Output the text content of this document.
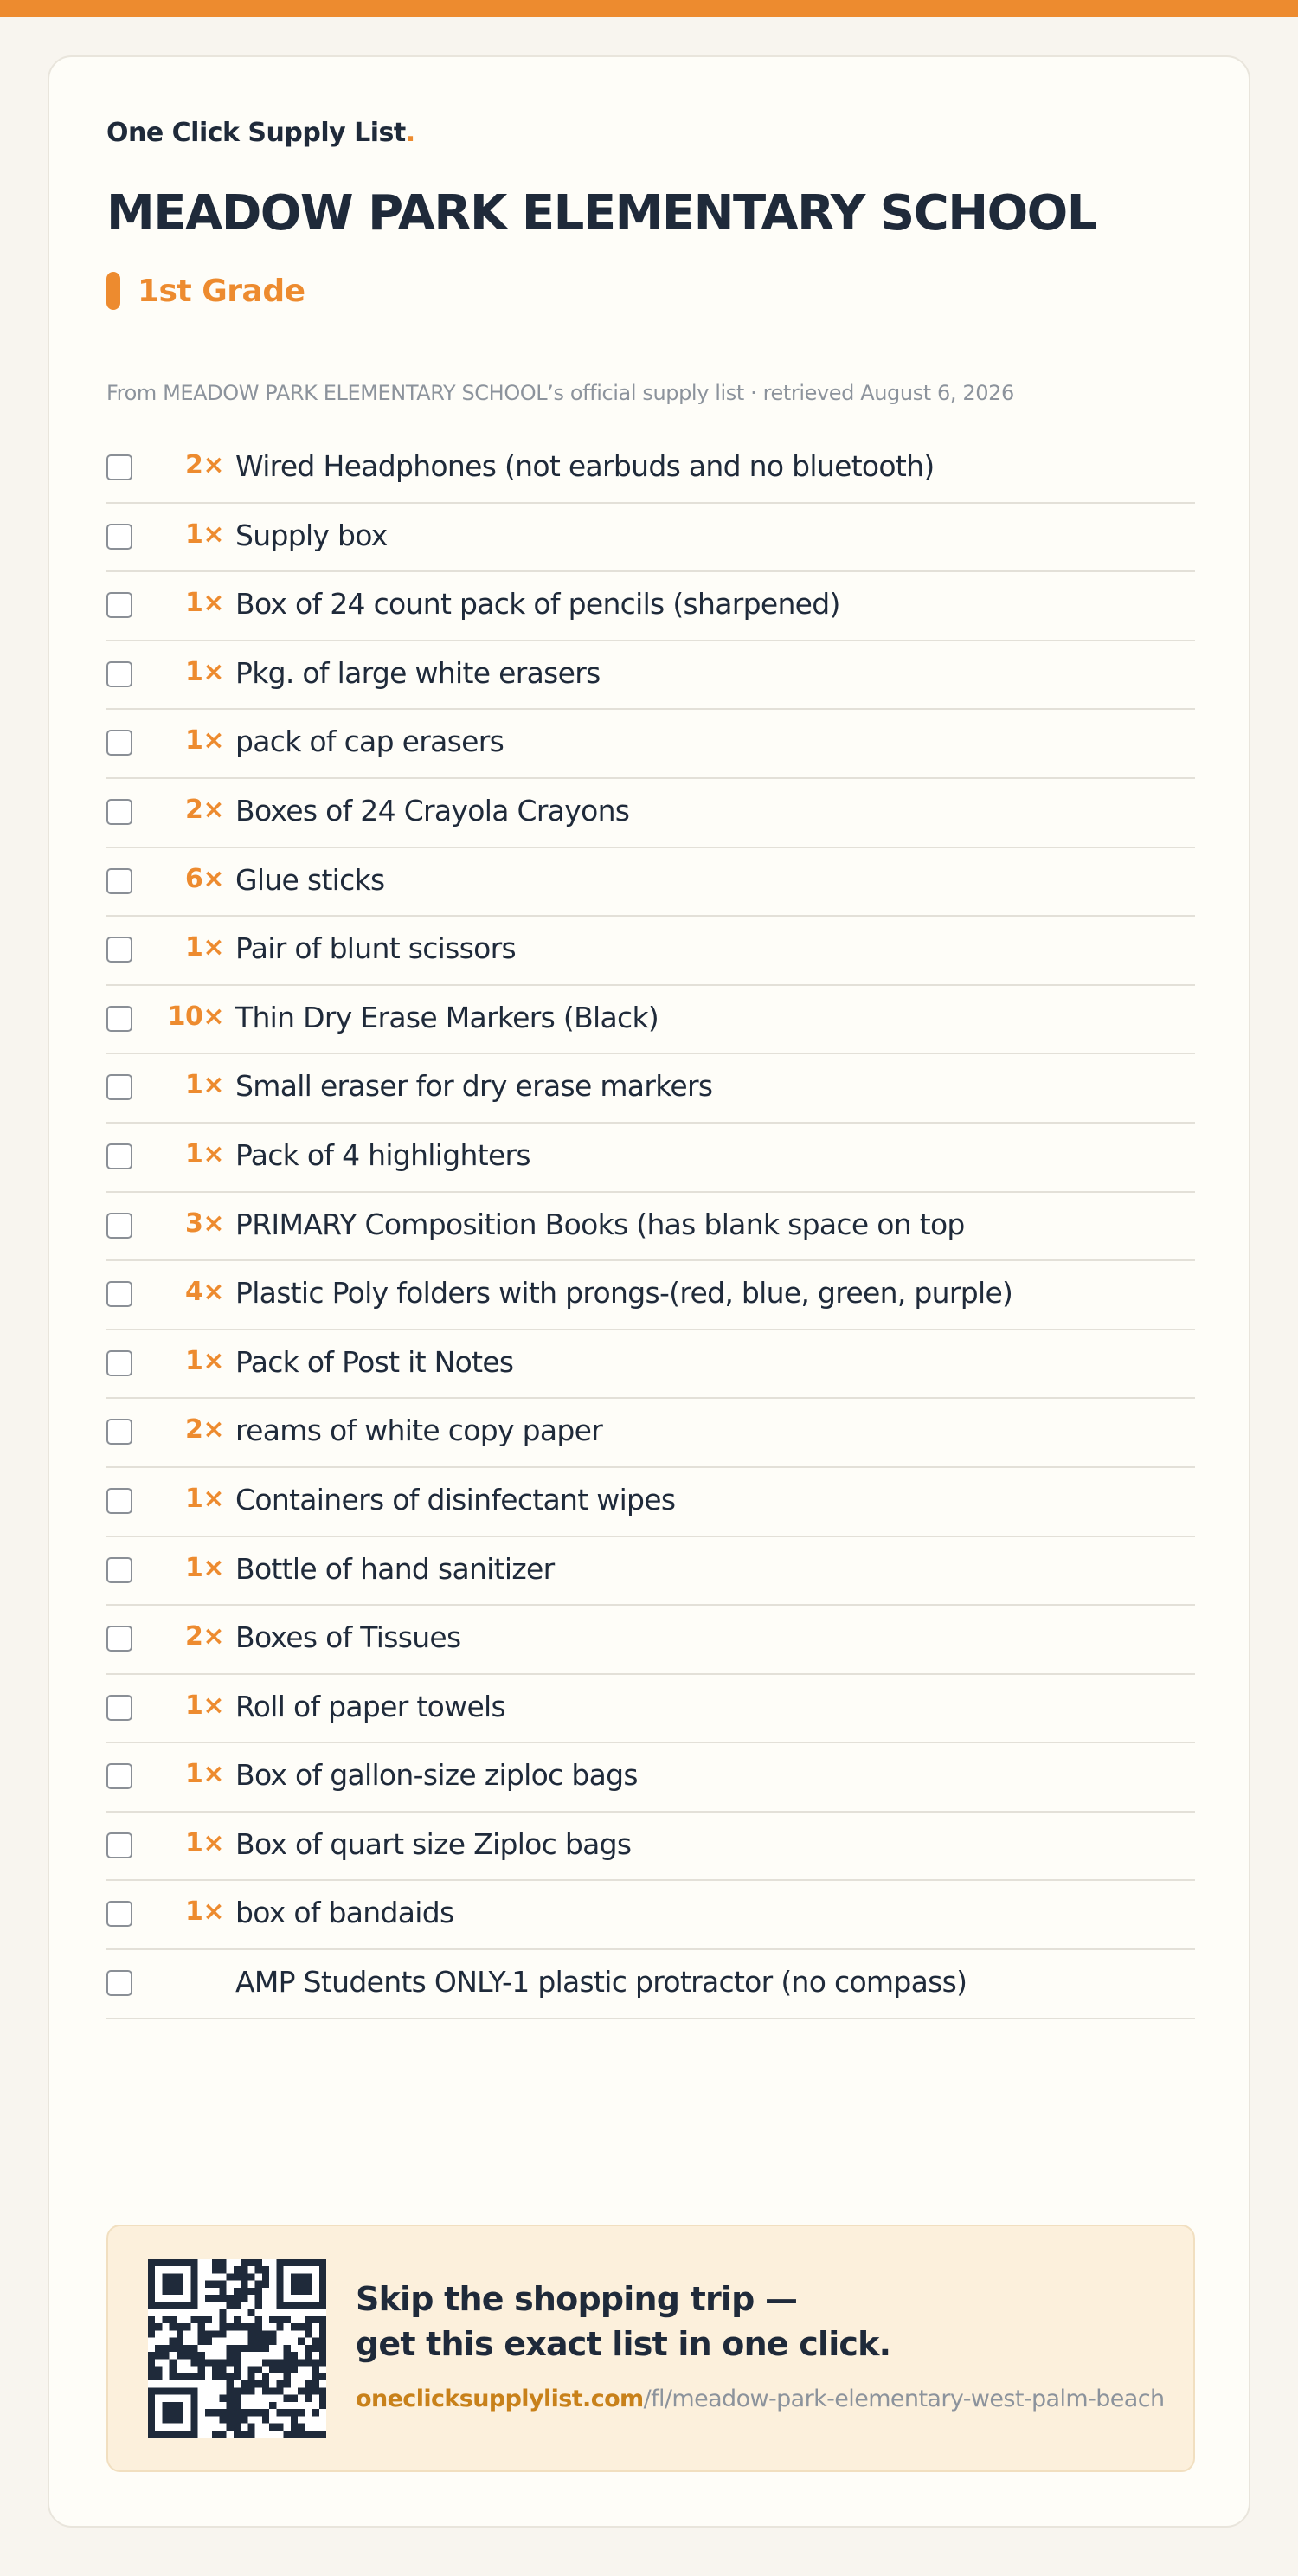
One Click Supply List.
MEADOW PARK ELEMENTARY SCHOOL
1st Grade
From MEADOW PARK ELEMENTARY SCHOOL’s official supply list · retrieved August 6, 2026
2× Wired Headphones (not earbuds and no bluetooth)
1× Supply box
1× Box of 24 count pack of pencils (sharpened)
1× Pkg. of large white erasers
1× pack of cap erasers
2× Boxes of 24 Crayola Crayons
6× Glue sticks
1× Pair of blunt scissors
10× Thin Dry Erase Markers (Black)
1× Small eraser for dry erase markers
1× Pack of 4 highlighters
3× PRIMARY Composition Books (has blank space on top
4× Plastic Poly folders with prongs-(red, blue, green, purple)
1× Pack of Post it Notes
2× reams of white copy paper
1× Containers of disinfectant wipes
1× Bottle of hand sanitizer
2× Boxes of Tissues
1× Roll of paper towels
1× Box of gallon-size ziploc bags
1× Box of quart size Ziploc bags
1× box of bandaids
AMP Students ONLY-1 plastic protractor (no compass)
Skip the shopping trip —
get this exact list in one click.
oneclicksupplylist.com/fl/meadow-park-elementary-west-palm-beach
